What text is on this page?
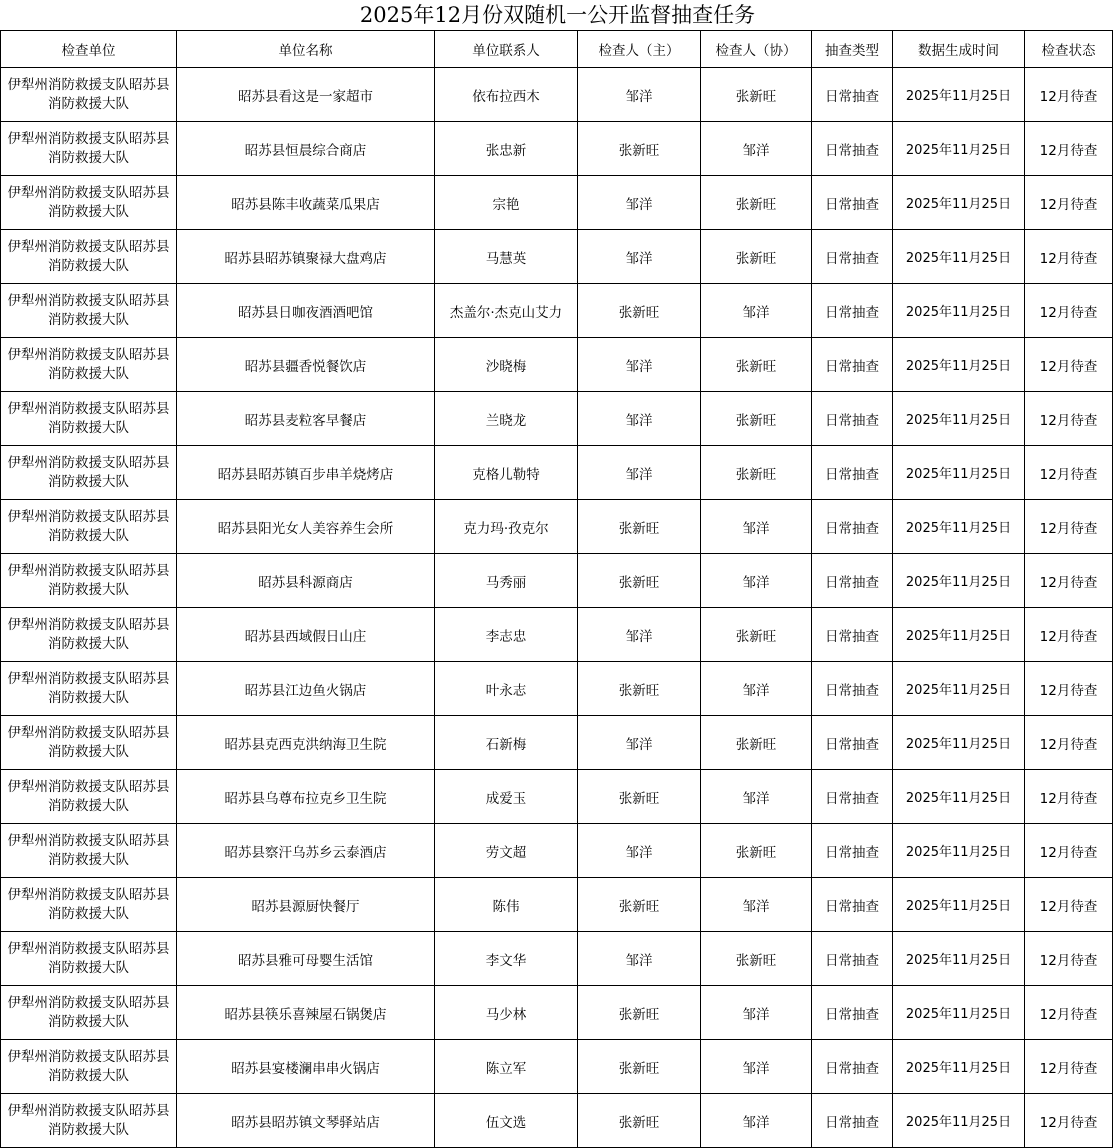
2025年12月份双随机一公开监督抽查任务
检查单位	单位名称	单位联系人	检查人（主）	检查人（协）	抽查类型	数据生成时间	检查状态
伊犁州消防救援支队昭苏县消防救援大队	昭苏县看这是一家超市	依布拉西木	邹洋	张新旺	日常抽查	2025年11月25日	12月待查
伊犁州消防救援支队昭苏县消防救援大队	昭苏县恒晨综合商店	张忠新	张新旺	邹洋	日常抽查	2025年11月25日	12月待查
伊犁州消防救援支队昭苏县消防救援大队	昭苏县陈丰收蔬菜瓜果店	宗艳	邹洋	张新旺	日常抽查	2025年11月25日	12月待查
伊犁州消防救援支队昭苏县消防救援大队	昭苏县昭苏镇聚禄大盘鸡店	马慧英	邹洋	张新旺	日常抽查	2025年11月25日	12月待查
伊犁州消防救援支队昭苏县消防救援大队	昭苏县日咖夜酒酒吧馆	杰盖尔·杰克山艾力	张新旺	邹洋	日常抽查	2025年11月25日	12月待查
伊犁州消防救援支队昭苏县消防救援大队	昭苏县疆香悦餐饮店	沙晓梅	邹洋	张新旺	日常抽查	2025年11月25日	12月待查
伊犁州消防救援支队昭苏县消防救援大队	昭苏县麦粒客早餐店	兰晓龙	邹洋	张新旺	日常抽查	2025年11月25日	12月待查
伊犁州消防救援支队昭苏县消防救援大队	昭苏县昭苏镇百步串羊烧烤店	克格儿勒特	邹洋	张新旺	日常抽查	2025年11月25日	12月待查
伊犁州消防救援支队昭苏县消防救援大队	昭苏县阳光女人美容养生会所	克力玛·孜克尔	张新旺	邹洋	日常抽查	2025年11月25日	12月待查
伊犁州消防救援支队昭苏县消防救援大队	昭苏县科源商店	马秀丽	张新旺	邹洋	日常抽查	2025年11月25日	12月待查
伊犁州消防救援支队昭苏县消防救援大队	昭苏县西域假日山庄	李志忠	邹洋	张新旺	日常抽查	2025年11月25日	12月待查
伊犁州消防救援支队昭苏县消防救援大队	昭苏县江边鱼火锅店	叶永志	张新旺	邹洋	日常抽查	2025年11月25日	12月待查
伊犁州消防救援支队昭苏县消防救援大队	昭苏县克西克洪纳海卫生院	石新梅	邹洋	张新旺	日常抽查	2025年11月25日	12月待查
伊犁州消防救援支队昭苏县消防救援大队	昭苏县乌尊布拉克乡卫生院	成爱玉	张新旺	邹洋	日常抽查	2025年11月25日	12月待查
伊犁州消防救援支队昭苏县消防救援大队	昭苏县察汗乌苏乡云泰酒店	劳文超	邹洋	张新旺	日常抽查	2025年11月25日	12月待查
伊犁州消防救援支队昭苏县消防救援大队	昭苏县源厨快餐厅	陈伟	张新旺	邹洋	日常抽查	2025年11月25日	12月待查
伊犁州消防救援支队昭苏县消防救援大队	昭苏县雅可母婴生活馆	李文华	邹洋	张新旺	日常抽查	2025年11月25日	12月待查
伊犁州消防救援支队昭苏县消防救援大队	昭苏县筷乐喜辣屋石锅煲店	马少林	张新旺	邹洋	日常抽查	2025年11月25日	12月待查
伊犁州消防救援支队昭苏县消防救援大队	昭苏县宴楼澜串串火锅店	陈立军	张新旺	邹洋	日常抽查	2025年11月25日	12月待查
伊犁州消防救援支队昭苏县消防救援大队	昭苏县昭苏镇文琴驿站店	伍文选	张新旺	邹洋	日常抽查	2025年11月25日	12月待查
